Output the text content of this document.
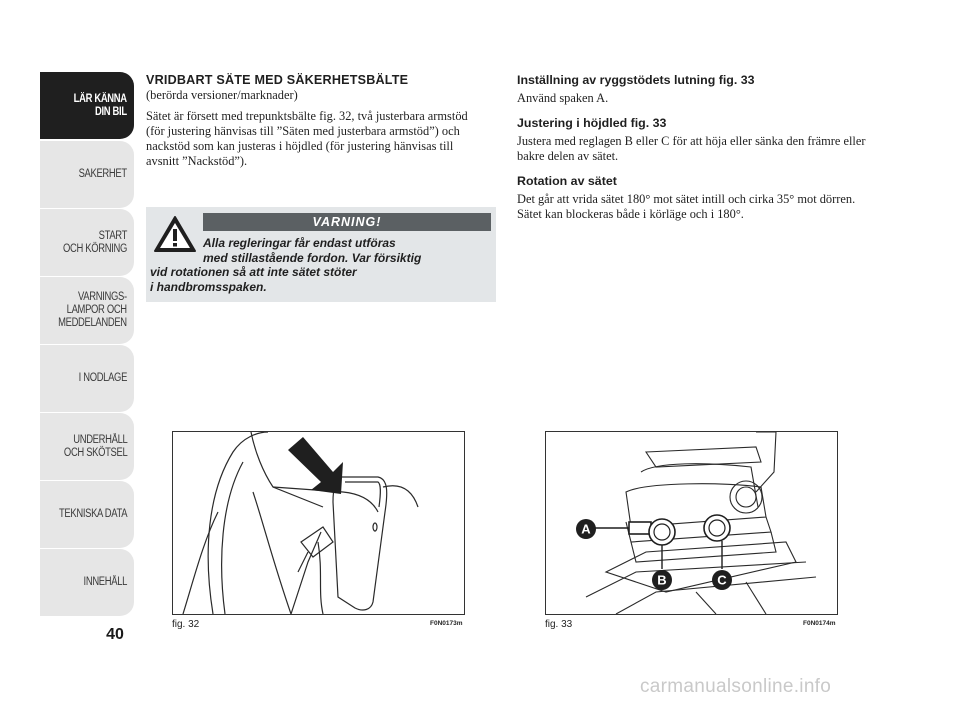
LÄR KÄNNA
DIN BIL
SÄKERHET
START
OCH KÖRNING
VARNINGS-
LAMPOR OCH
MEDDELANDEN
I NÖDLÄGE
UNDERHÅLL
OCH SKÖTSEL
TEKNISKA DATA
INNEHÅLL
40
VRIDBART SÄTE MED SÄKERHETSBÄLTE
(berörda versioner/marknader)
Sätet är försett med trepunktsbälte fig. 32, två justerbara armstöd (för justering hänvisas till ”Säten med justerbara armstöd”) och nackstöd som kan justeras i höjdled (för justering hänvisas till avsnitt ”Nackstöd”).
VARNING!
Alla regleringar får endast utföras
med stillastående fordon. Var försiktig
vid rotationen så att inte sätet stöter
i handbromsspaken.
Inställning av ryggstödets lutning fig. 33
Använd spaken A.
Justering i höjdled fig. 33
Justera med reglagen B eller C för att höja eller sänka den främre eller bakre delen av sätet.
Rotation av sätet
Det går att vrida sätet 180° mot sätet intill och cirka 35° mot dörren. Sätet kan blockeras både i körläge och i 180°.
fig. 32	F0N0173m
A
B	C
fig. 33	F0N0174m
carmanualsonline.info
